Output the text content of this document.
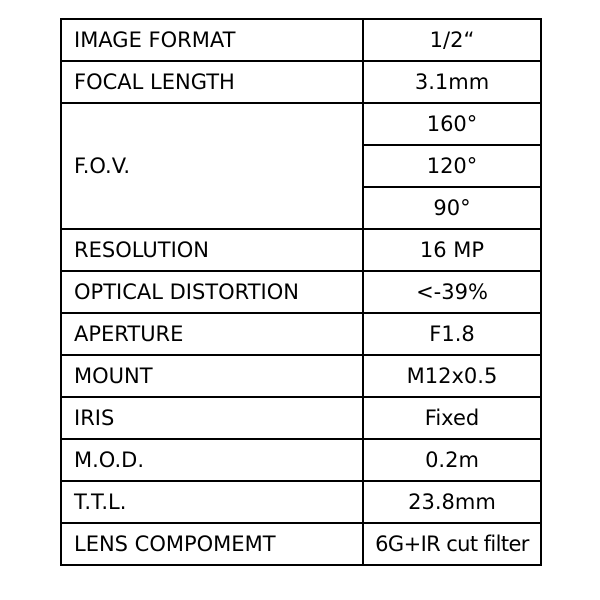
IMAGE FORMAT	1/2“
FOCAL LENGTH	3.1mm
F.O.V.	160°
	120°
	90°
RESOLUTION	16 MP
OPTICAL DISTORTION	<-39%
APERTURE	F1.8
MOUNT	M12x0.5
IRIS	Fixed
M.O.D.	0.2m
T.T.L.	23.8mm
LENS COMPOMEMT	6G+IR cut filter
